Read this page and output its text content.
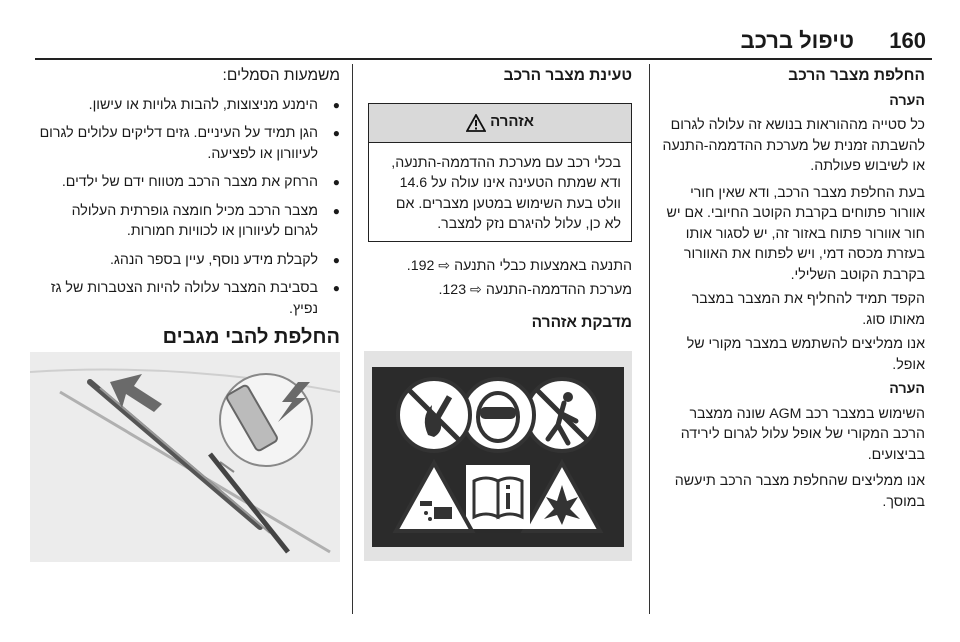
160
טיפול ברכב

החלפת מצבר הרכב

הערה

כל סטייה מההוראות בנושא זה עלולה לגרום להשבתה זמנית של מערכת ההדממה-התנעה או לשיבוש פעולתה.

בעת החלפת מצבר הרכב, ודא שאין חורי אוורור פתוחים בקרבת הקוטב החיובי. אם יש חור אוורור פתוח באזור זה, יש לסגור אותו בעזרת מכסה דמי, ויש לפתוח את האוורור בקרבת הקוטב השלילי.

הקפד תמיד להחליף את המצבר במצבר מאותו סוג.

אנו ממליצים להשתמש במצבר מקורי של אופל.

הערה

השימוש במצבר רכב AGM שונה ממצבר הרכב המקורי של אופל עלול לגרום לירידה בביצועים.

אנו ממליצים שהחלפת מצבר הרכב תיעשה במוסך.

טעינת מצבר הרכב

אזהרה
בכלי רכב עם מערכת ההדממה-התנעה, ודא שמתח הטעינה אינו עולה על 14.6 וולט בעת השימוש במטען מצברים. אם לא כן, עלול להיגרם נזק למצבר.

התנעה באמצעות כבלי התנעה ⇨ 192.

מערכת ההדממה-התנעה ⇨ 123.

מדבקת אזהרה

משמעות הסמלים:

● הימנע מניצוצות, להבות גלויות או עישון.
● הגן תמיד על העיניים. גזים דליקים עלולים לגרום לעיוורון או לפציעה.
● הרחק את מצבר הרכב מטווח ידם של ילדים.
● מצבר הרכב מכיל חומצה גופרתית העלולה לגרום לעיוורון או לכוויות חמורות.
● לקבלת מידע נוסף, עיין בספר הנהג.
● בסביבת המצבר עלולה להיות הצטברות של גז נפיץ.

החלפת להבי מגבים
